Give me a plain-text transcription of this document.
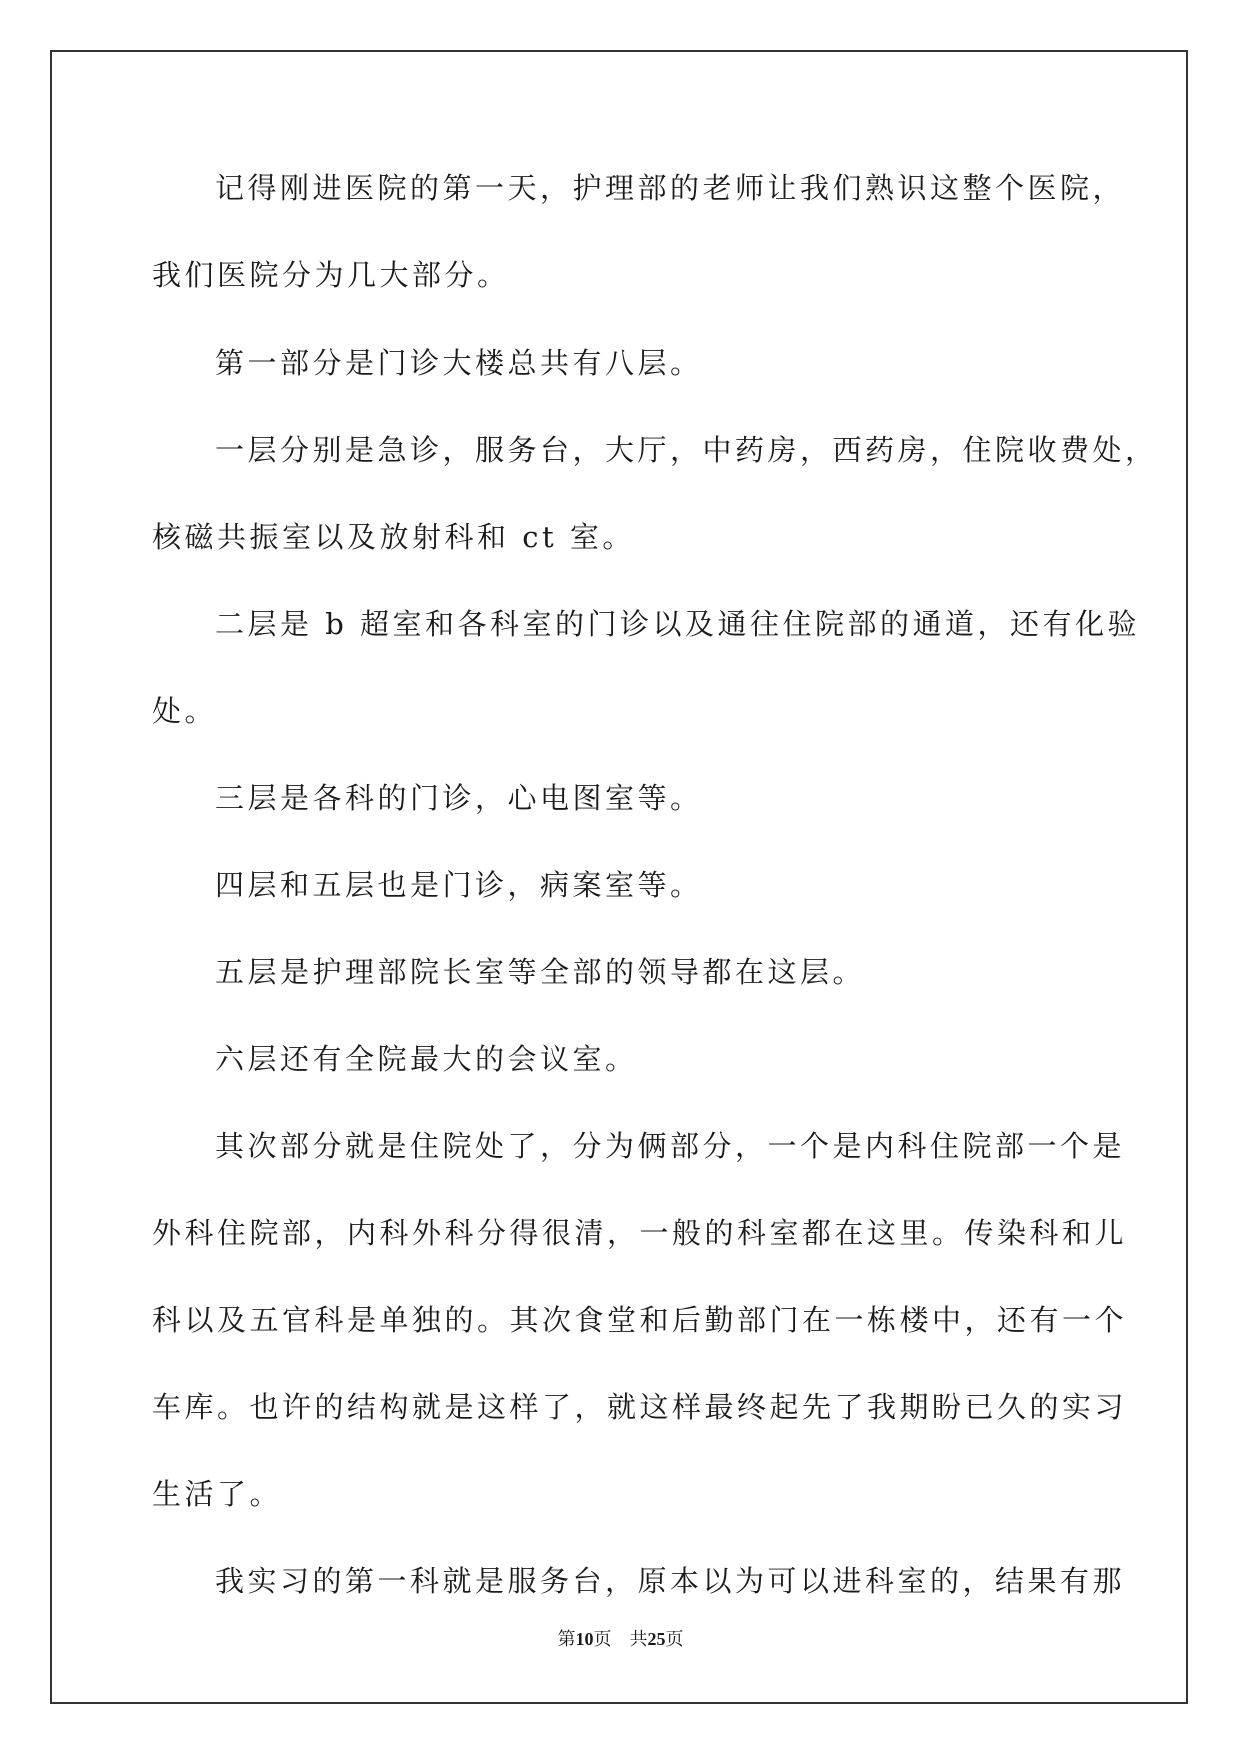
记得刚进医院的第一天，护理部的老师让我们熟识这整个医院，
我们医院分为几大部分。
第一部分是门诊大楼总共有八层。
一层分别是急诊，服务台，大厅，中药房，西药房，住院收费处，
核磁共振室以及放射科和 ct 室。
二层是 b 超室和各科室的门诊以及通往住院部的通道，还有化验
处。
三层是各科的门诊，心电图室等。
四层和五层也是门诊，病案室等。
五层是护理部院长室等全部的领导都在这层。
六层还有全院最大的会议室。
其次部分就是住院处了，分为俩部分，一个是内科住院部一个是
外科住院部，内科外科分得很清，一般的科室都在这里。传染科和儿
科以及五官科是单独的。其次食堂和后勤部门在一栋楼中，还有一个
车库。也许的结构就是这样了，就这样最终起先了我期盼已久的实习
生活了。
我实习的第一科就是服务台，原本以为可以进科室的，结果有那
第10页　共25页
